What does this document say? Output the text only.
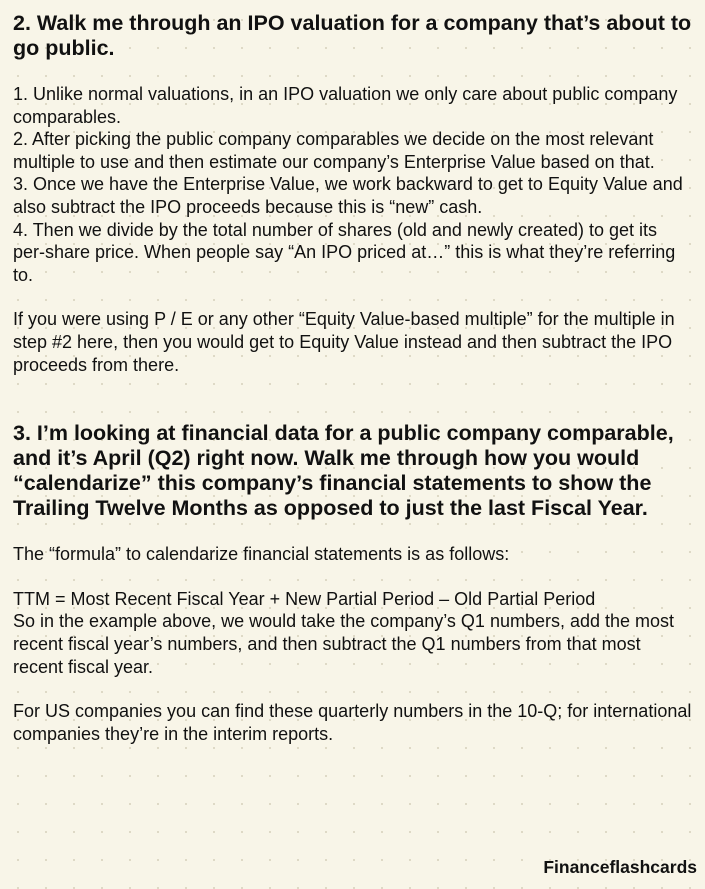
2. Walk me through an IPO valuation for a company that’s about to go public.

1. Unlike normal valuations, in an IPO valuation we only care about public company comparables.

2. After picking the public company comparables we decide on the most relevant multiple to use and then estimate our company’s Enterprise Value based on that.

3. Once we have the Enterprise Value, we work backward to get to Equity Value and also subtract the IPO proceeds because this is “new” cash.

4. Then we divide by the total number of shares (old and newly created) to get its per-share price. When people say “An IPO priced at…” this is what they’re referring to.

If you were using P / E or any other “Equity Value-based multiple” for the multiple in step #2 here, then you would get to Equity Value instead and then subtract the IPO proceeds from there.

3. I’m looking at financial data for a public company comparable, and it’s April (Q2) right now. Walk me through how you would “calendarize” this company’s financial statements to show the Trailing Twelve Months as opposed to just the last Fiscal Year.

The “formula” to calendarize financial statements is as follows:

TTM = Most Recent Fiscal Year + New Partial Period – Old Partial Period

So in the example above, we would take the company’s Q1 numbers, add the most recent fiscal year’s numbers, and then subtract the Q1 numbers from that most recent fiscal year.

For US companies you can find these quarterly numbers in the 10-Q; for international companies they’re in the interim reports.

Financeflashcards
